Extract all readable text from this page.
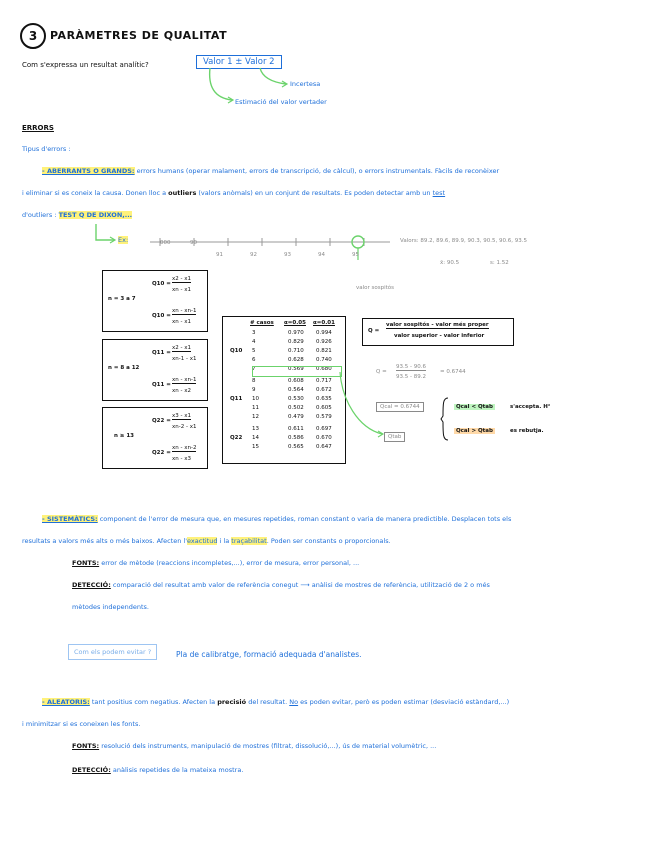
3	PARÀMETRES DE QUALITAT
Com s'expressa un resultat analític?	Valor 1 ± Valor 2
Incertesa
Estimació del valor vertader
ERRORS
Tipus d'errors :
- ABERRANTS O GRANDS: errors humans (operar malament, errors de transcripció, de càlcul), o errors instrumentals. Fàcils de reconèixer
i eliminar si es coneix la causa. Donen lloc a outliers (valors anòmals) en un conjunt de resultats. Es poden detectar amb un test
d'outliers : TEST Q DE DIXON,...
Ex:	000	90
91	92	93	94	95
Valors: 89.2, 89.6, 89.9, 90.3, 90.5, 90.6, 93.5
x̄: 90.5	s: 1.52
valor sospitós
n = 3 a 7
Q10 =
x2 - x1
xn - x1
Q10 =
xn - xn-1
xn - x1
n = 8 a 12
Q11 =
x2 - x1
xn-1 - x1
Q11 =
xn - xn-1
xn - x2
n ≥ 13
Q22 =
x3 - x1
xn-2 - x1
Q22 =
xn - xn-2
xn - x3
# casos α=0.05 α=0.01
3	0.970 0.994
4	0.829 0.926
5	0.710 0.821
6	0.628 0.740
7	0.569 0.680
Q10
8	0.608 0.717
9	0.564 0.672
10	0.530 0.635
11	0.502 0.605
12	0.479 0.579
Q11
13	0.611 0.697
14	0.586 0.670
15	0.565 0.647
Q22
Q =
valor sospitós - valor més proper
valor superior - valor inferior
Q =
93.5 - 90.6
93.5 - 89.2
= 0.6744
Qcal = 0.6744
Qtab
Qcal < Qtab	s'accepta. H°
Qcal > Qtab	es rebutja.
- SISTEMÀTICS: component de l'error de mesura que, en mesures repetides, roman constant o varia de manera predictible. Desplacen tots els
resultats a valors més alts o més baixos. Afecten l'exactitud i la traçabilitat. Poden ser constants o proporcionals.
FONTS: error de mètode (reaccions incompletes,...), error de mesura, error personal, ...
DETECCIÓ: comparació del resultat amb valor de referència conegut ⟶ anàlisi de mostres de referència, utilització de 2 o més
mètodes independents.
Com els podem evitar ?	Pla de calibratge, formació adequada d'analistes.
- ALEATORIS: tant positius com negatius. Afecten la precisió del resultat. No es poden evitar, però es poden estimar (desviació estàndard,...)
i minimitzar si es coneixen les fonts.
FONTS: resolució dels instruments, manipulació de mostres (filtrat, dissolució,...), ús de material volumètric, ...
DETECCIÓ: anàlisis repetides de la mateixa mostra.
